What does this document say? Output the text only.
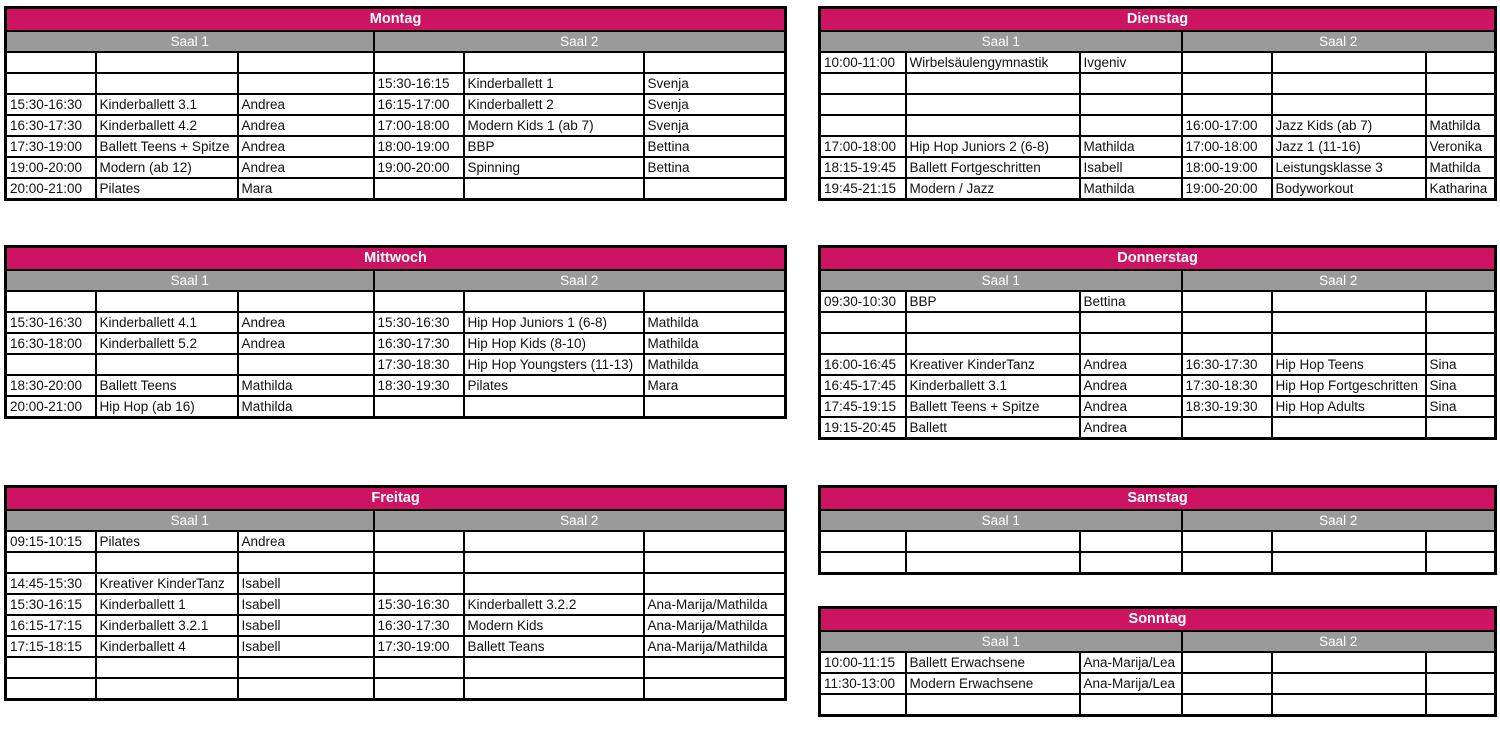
Montag					
Saal 1			Saal 2		

			15:30-16:15	Kinderballett 1	Svenja
15:30-16:30	Kinderballett 3.1	Andrea	16:15-17:00	Kinderballett 2	Svenja
16:30-17:30	Kinderballett 4.2	Andrea	17:00-18:00	Modern Kids 1 (ab 7)	Svenja
17:30-19:00	Ballett Teens + Spitze	Andrea	18:00-19:00	BBP	Bettina
19:00-20:00	Modern (ab 12)	Andrea	19:00-20:00	Spinning	Bettina
20:00-21:00	Pilates	Mara			
Dienstag					
Saal 1			Saal 2		
10:00-11:00	Wirbelsäulengymnastik	Ivgeniv			

			16:00-17:00	Jazz Kids (ab 7)	Mathilda
17:00-18:00	Hip Hop Juniors 2 (6-8)	Mathilda	17:00-18:00	Jazz 1 (11-16)	Veronika
18:15-19:45	Ballett Fortgeschritten	Isabell	18:00-19:00	Leistungsklasse 3	Mathilda
19:45-21:15	Modern / Jazz	Mathilda	19:00-20:00	Bodyworkout	Katharina
Mittwoch					
Saal 1			Saal 2		

15:30-16:30	Kinderballett 4.1	Andrea	15:30-16:30	Hip Hop Juniors 1 (6-8)	Mathilda
16:30-18:00	Kinderballett 5.2	Andrea	16:30-17:30	Hip Hop Kids (8-10)	Mathilda
			17:30-18:30	Hip Hop Youngsters (11-13)	Mathilda
18:30-20:00	Ballett Teens	Mathilda	18:30-19:30	Pilates	Mara
20:00-21:00	Hip Hop (ab 16)	Mathilda			
Donnerstag					
Saal 1			Saal 2		
09:30-10:30	BBP	Bettina			

16:00-16:45	Kreativer KinderTanz	Andrea	16:30-17:30	Hip Hop Teens	Sina
16:45-17:45	Kinderballett 3.1	Andrea	17:30-18:30	Hip Hop Fortgeschritten	Sina
17:45-19:15	Ballett Teens + Spitze	Andrea	18:30-19:30	Hip Hop Adults	Sina
19:15-20:45	Ballett	Andrea			
Freitag					
Saal 1			Saal 2		
09:15-10:15	Pilates	Andrea			

14:45-15:30	Kreativer KinderTanz	Isabell			
15:30-16:15	Kinderballett 1	Isabell	15:30-16:30	Kinderballett 3.2.2	Ana-Marija/Mathilda
16:15-17:15	Kinderballett 3.2.1	Isabell	16:30-17:30	Modern Kids	Ana-Marija/Mathilda
17:15-18:15	Kinderballett 4	Isabell	17:30-19:00	Ballett Teans	Ana-Marija/Mathilda

Samstag					
Saal 1			Saal 2		

Sonntag					
Saal 1			Saal 2		
10:00-11:15	Ballett Erwachsene	Ana-Marija/Lea			
11:30-13:00	Modern Erwachsene	Ana-Marija/Lea			
